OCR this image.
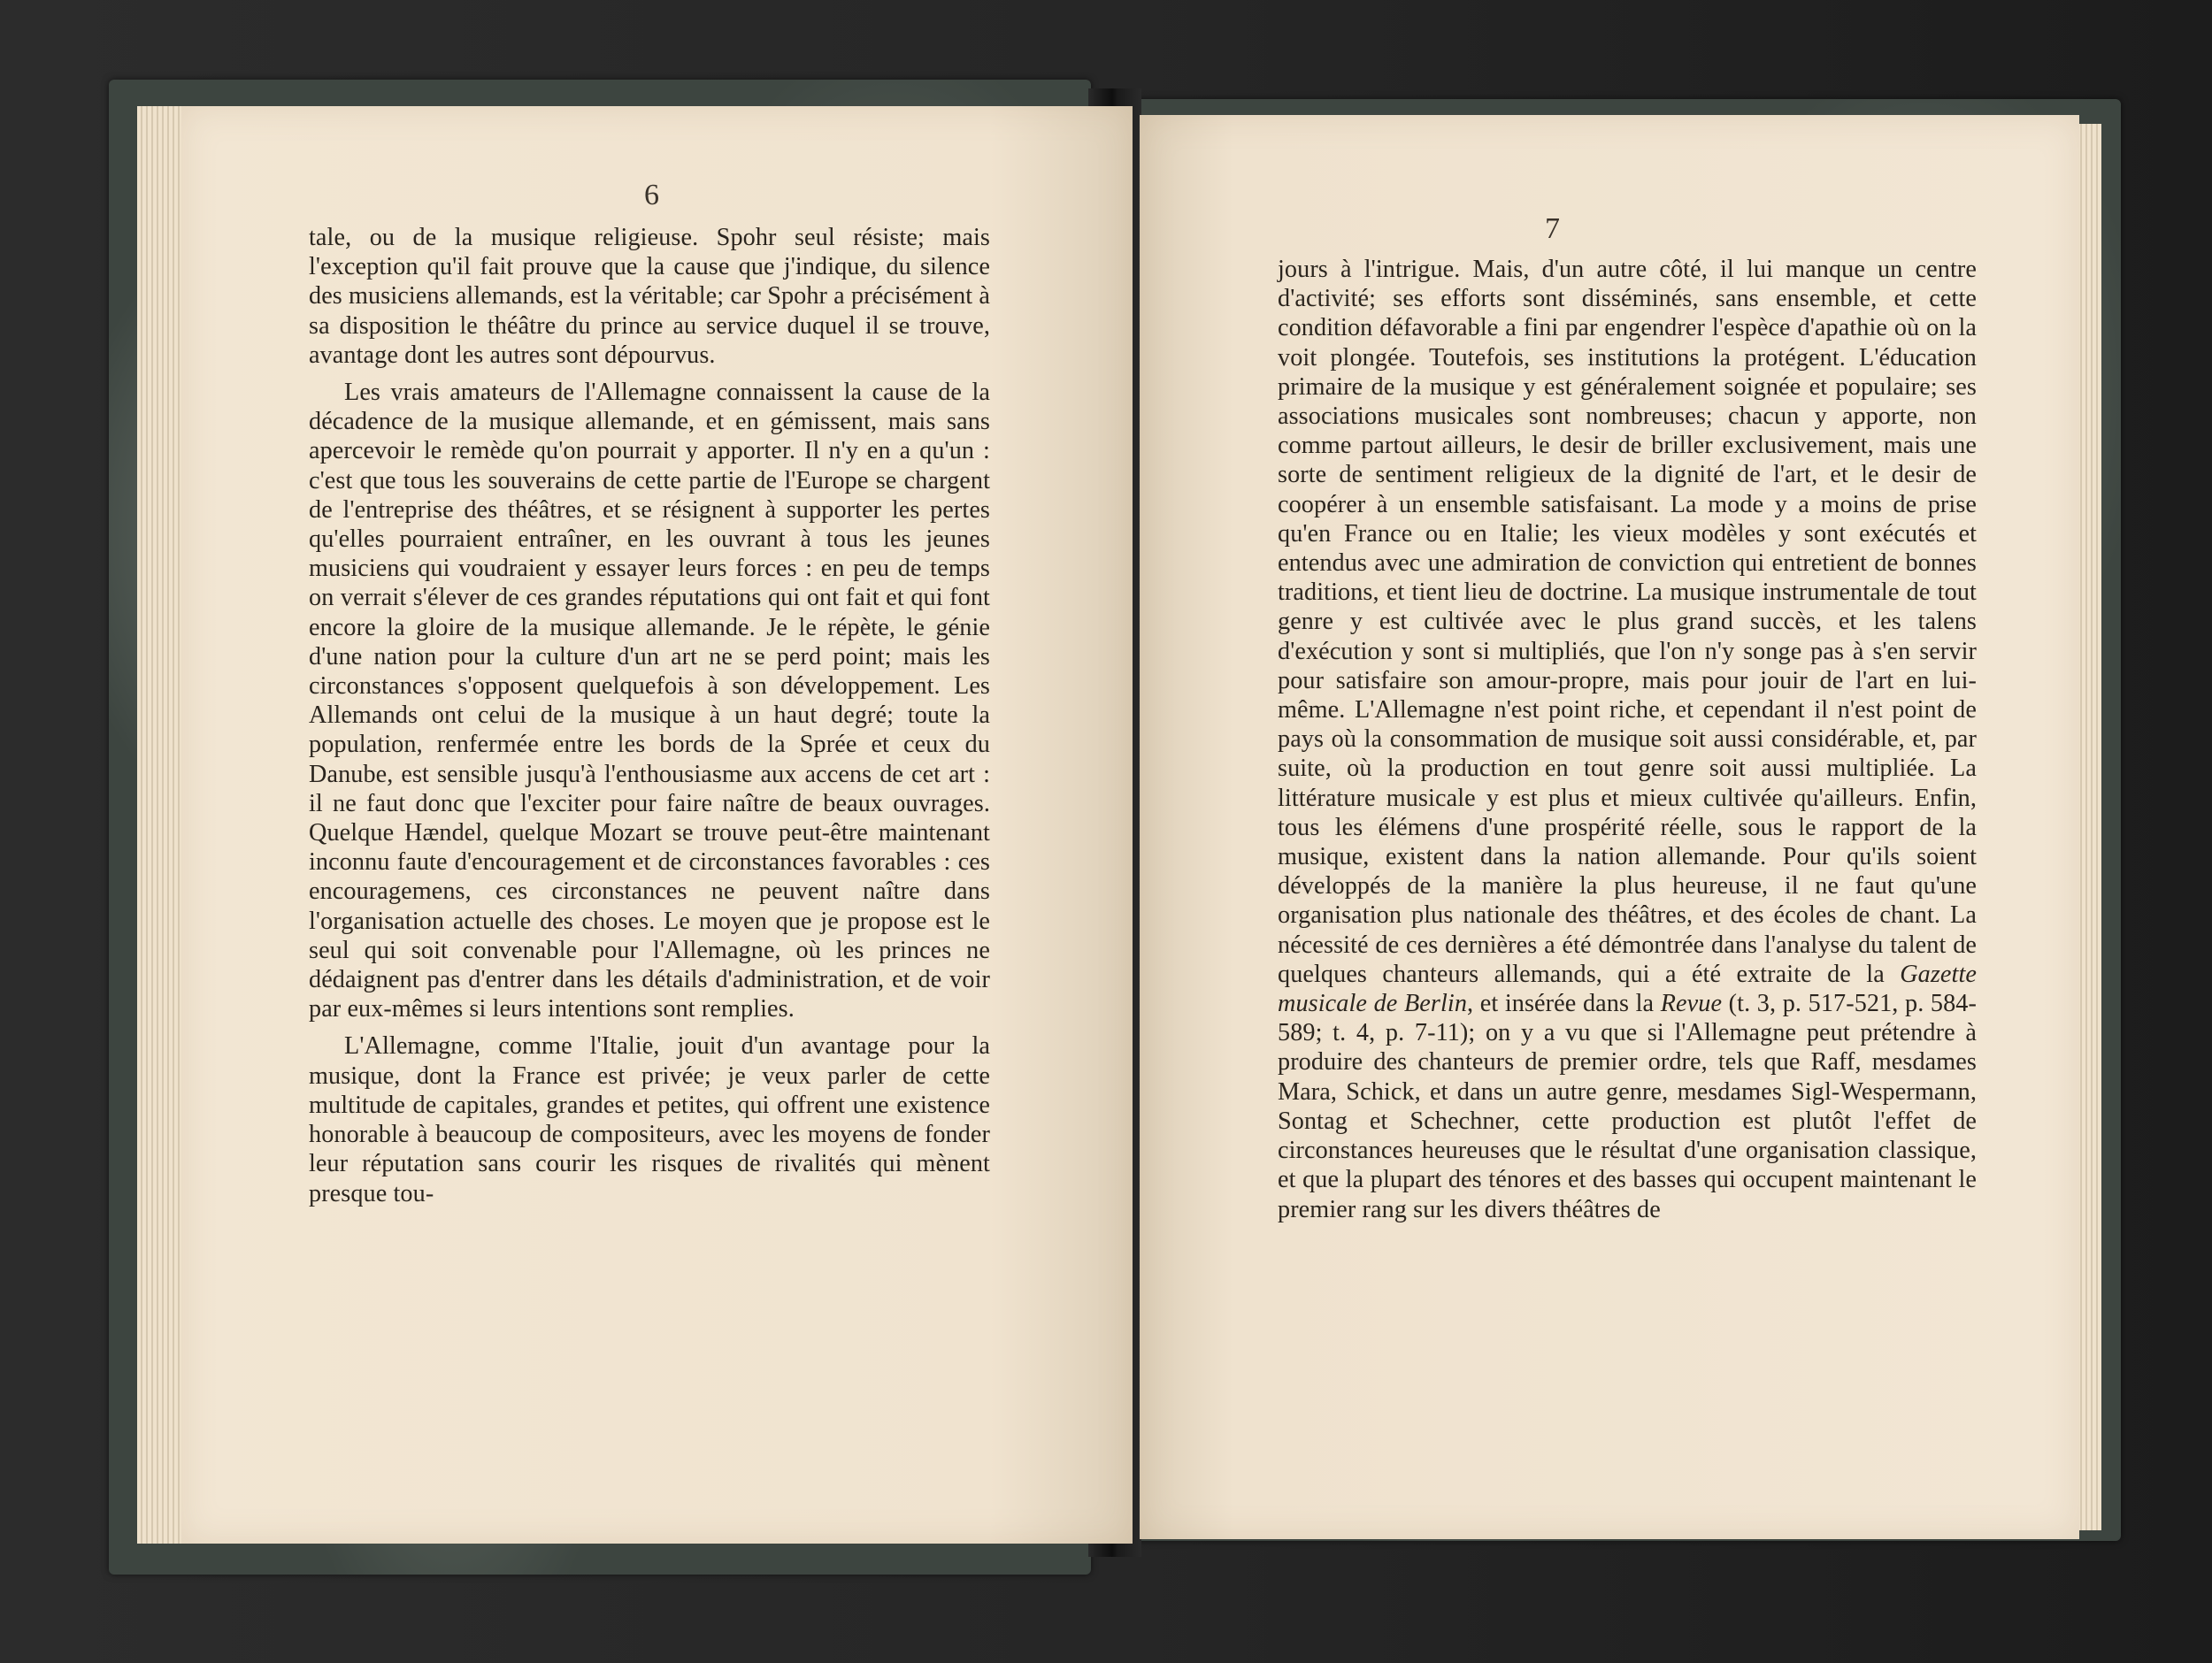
6

tale, ou de la musique religieuse. Spohr seul résiste; mais l'exception qu'il fait prouve que la cause que j'indique, du silence des musiciens allemands, est la véritable; car Spohr a précisément à sa disposition le théâtre du prince au service duquel il se trouve, avantage dont les autres sont dépourvus.

Les vrais amateurs de l'Allemagne connaissent la cause de la décadence de la musique allemande, et en gémissent, mais sans apercevoir le remède qu'on pourrait y apporter. Il n'y en a qu'un : c'est que tous les souverains de cette partie de l'Europe se chargent de l'entreprise des théâtres, et se résignent à supporter les pertes qu'elles pourraient entraîner, en les ouvrant à tous les jeunes musiciens qui voudraient y essayer leurs forces : en peu de temps on verrait s'élever de ces grandes réputations qui ont fait et qui font encore la gloire de la musique allemande. Je le répète, le génie d'une nation pour la culture d'un art ne se perd point; mais les circonstances s'opposent quelquefois à son développement. Les Allemands ont celui de la musique à un haut degré; toute la population, renfermée entre les bords de la Sprée et ceux du Danube, est sensible jusqu'à l'enthousiasme aux accens de cet art : il ne faut donc que l'exciter pour faire naître de beaux ouvrages. Quelque Hændel, quelque Mozart se trouve peut-être maintenant inconnu faute d'encouragement et de circonstances favorables : ces encouragemens, ces circonstances ne peuvent naître dans l'organisation actuelle des choses. Le moyen que je propose est le seul qui soit convenable pour l'Allemagne, où les princes ne dédaignent pas d'entrer dans les détails d'administration, et de voir par eux-mêmes si leurs intentions sont remplies.

L'Allemagne, comme l'Italie, jouit d'un avantage pour la musique, dont la France est privée; je veux parler de cette multitude de capitales, grandes et petites, qui offrent une existence honorable à beaucoup de compositeurs, avec les moyens de fonder leur réputation sans courir les risques de rivalités qui mènent presque tou-

7

jours à l'intrigue. Mais, d'un autre côté, il lui manque un centre d'activité; ses efforts sont disséminés, sans ensemble, et cette condition défavorable a fini par engendrer l'espèce d'apathie où on la voit plongée. Toutefois, ses institutions la protégent. L'éducation primaire de la musique y est généralement soignée et populaire; ses associations musicales sont nombreuses; chacun y apporte, non comme partout ailleurs, le desir de briller exclusivement, mais une sorte de sentiment religieux de la dignité de l'art, et le desir de coopérer à un ensemble satisfaisant. La mode y a moins de prise qu'en France ou en Italie; les vieux modèles y sont exécutés et entendus avec une admiration de conviction qui entretient de bonnes traditions, et tient lieu de doctrine. La musique instrumentale de tout genre y est cultivée avec le plus grand succès, et les talens d'exécution y sont si multipliés, que l'on n'y songe pas à s'en servir pour satisfaire son amour-propre, mais pour jouir de l'art en lui-même. L'Allemagne n'est point riche, et cependant il n'est point de pays où la consommation de musique soit aussi considérable, et, par suite, où la production en tout genre soit aussi multipliée. La littérature musicale y est plus et mieux cultivée qu'ailleurs. Enfin, tous les élémens d'une prospérité réelle, sous le rapport de la musique, existent dans la nation allemande. Pour qu'ils soient développés de la manière la plus heureuse, il ne faut qu'une organisation plus nationale des théâtres, et des écoles de chant. La nécessité de ces dernières a été démontrée dans l'analyse du talent de quelques chanteurs allemands, qui a été extraite de la Gazette musicale de Berlin, et insérée dans la Revue (t. 3, p. 517-521, p. 584-589; t. 4, p. 7-11); on y a vu que si l'Allemagne peut prétendre à produire des chanteurs de premier ordre, tels que Raff, mesdames Mara, Schick, et dans un autre genre, mesdames Sigl-Wespermann, Sontag et Schechner, cette production est plutôt l'effet de circonstances heureuses que le résultat d'une organisation classique, et que la plupart des ténores et des basses qui occupent maintenant le premier rang sur les divers théâtres de
